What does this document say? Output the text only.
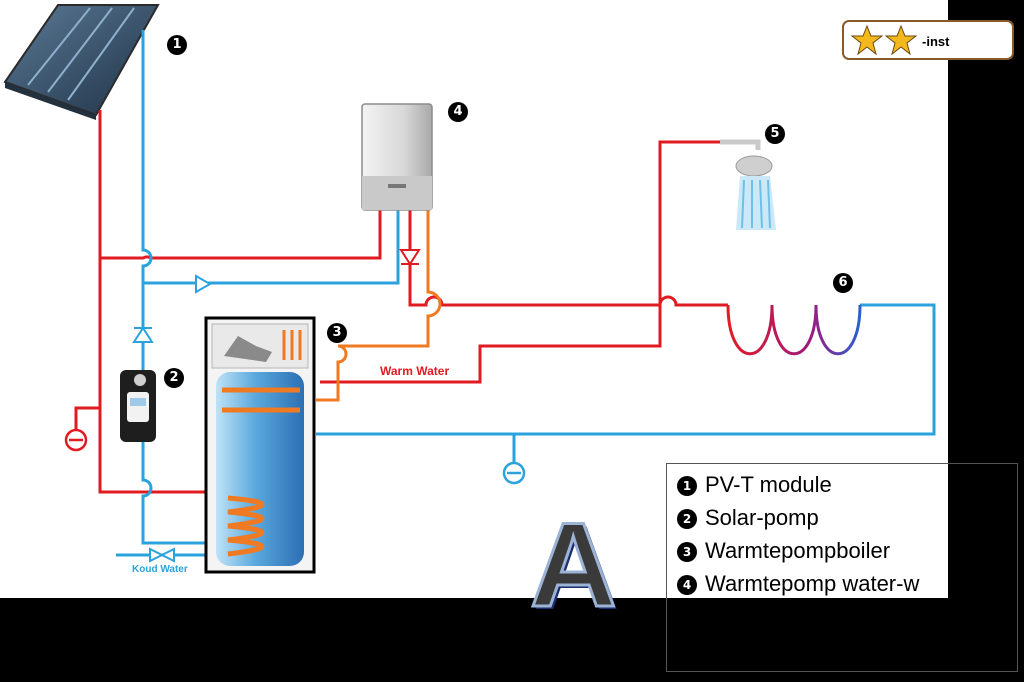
1
2
3
4
5
6
Warm Water
Koud Water
-inst
A
1 PV-T module
2 Solar-pomp
3 Warmtepompboiler
4 Warmtepomp water-w
